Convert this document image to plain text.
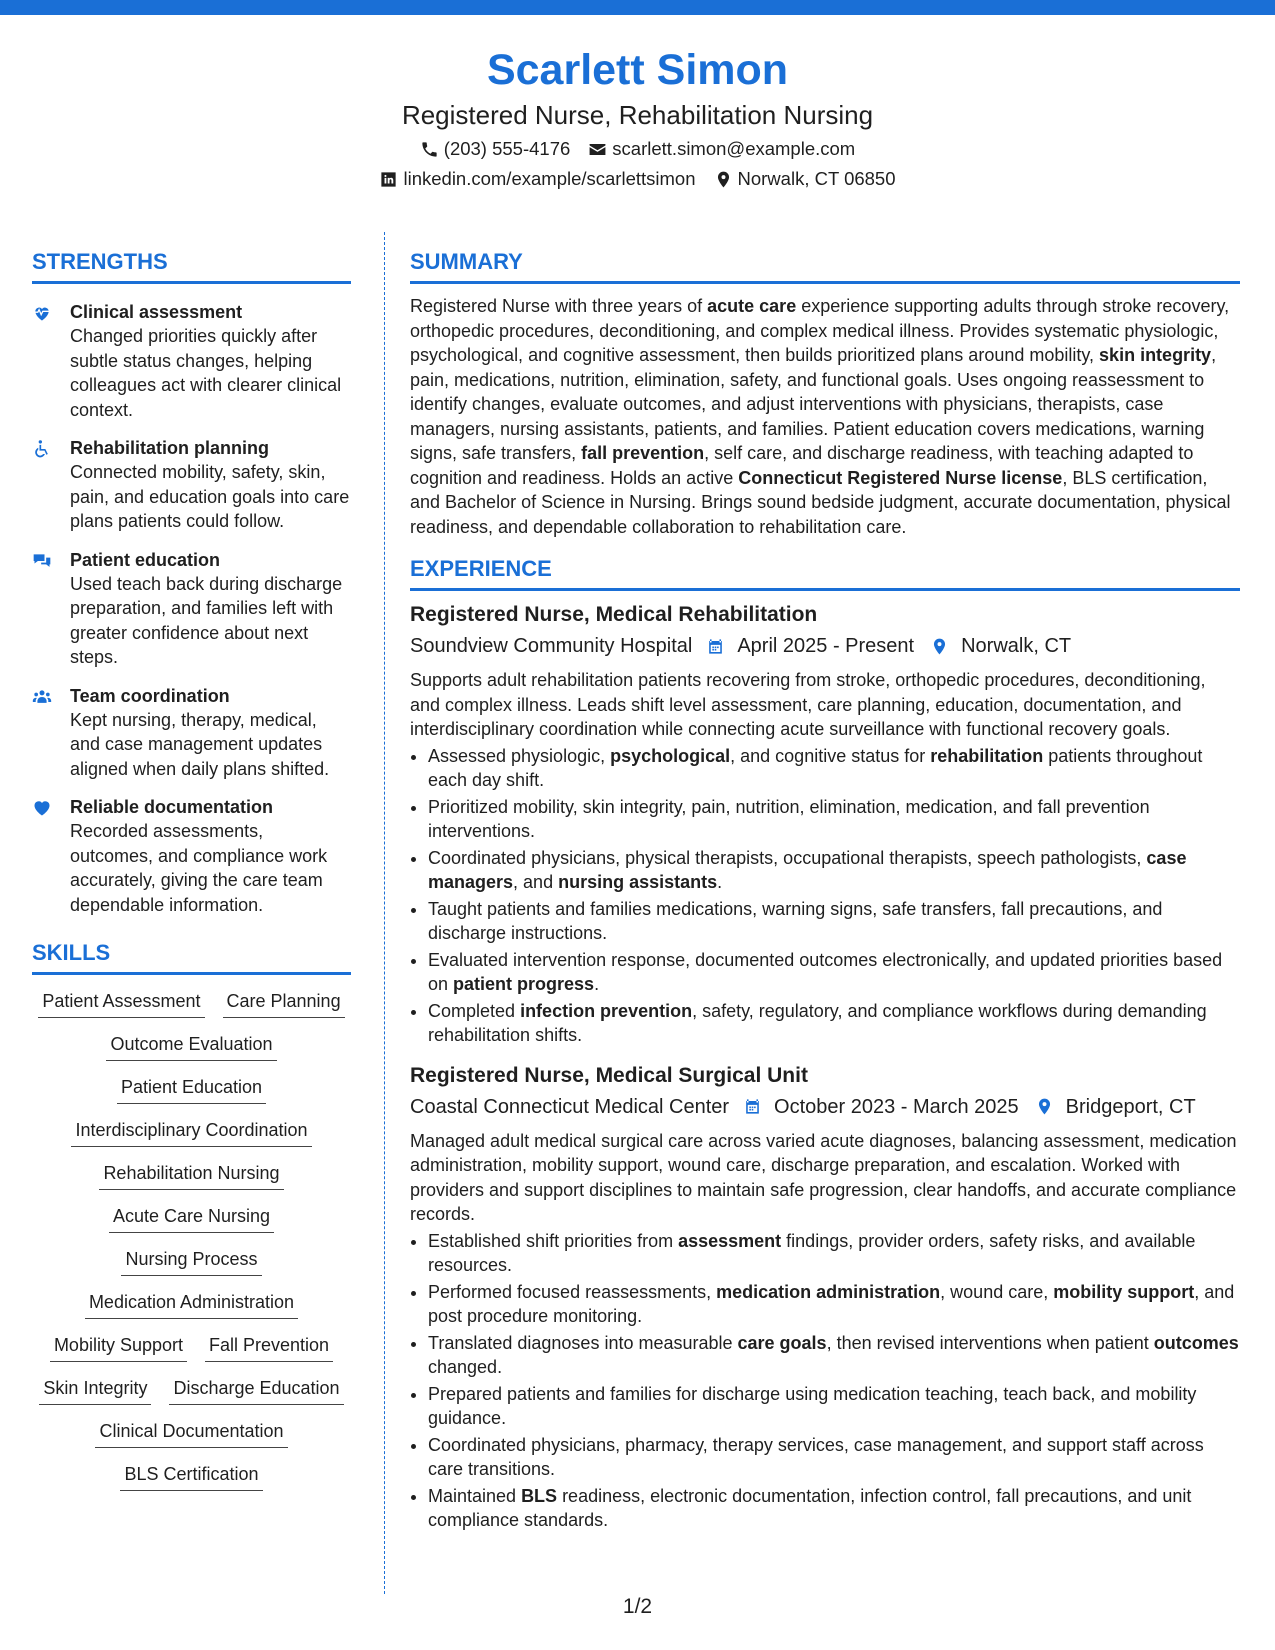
Scarlett Simon
Registered Nurse, Rehabilitation Nursing
(203) 555-4176 scarlett.simon@example.com
linkedin.com/example/scarlettsimon Norwalk, CT 06850
STRENGTHS
Clinical assessment
Changed priorities quickly after subtle status changes, helping colleagues act with clearer clinical context.
Rehabilitation planning
Connected mobility, safety, skin, pain, and education goals into care plans patients could follow.
Patient education
Used teach back during discharge preparation, and families left with greater confidence about next steps.
Team coordination
Kept nursing, therapy, medical, and case management updates aligned when daily plans shifted.
Reliable documentation
Recorded assessments, outcomes, and compliance work accurately, giving the care team dependable information.
SKILLS
Patient Assessment Care Planning
Outcome Evaluation
Patient Education
Interdisciplinary Coordination
Rehabilitation Nursing
Acute Care Nursing
Nursing Process
Medication Administration
Mobility Support Fall Prevention
Skin Integrity Discharge Education
Clinical Documentation
BLS Certification
SUMMARY
Registered Nurse with three years of acute care experience supporting adults through stroke recovery, orthopedic procedures, deconditioning, and complex medical illness. Provides systematic physiologic, psychological, and cognitive assessment, then builds prioritized plans around mobility, skin integrity, pain, medications, nutrition, elimination, safety, and functional goals. Uses ongoing reassessment to identify changes, evaluate outcomes, and adjust interventions with physicians, therapists, case managers, nursing assistants, patients, and families. Patient education covers medications, warning signs, safe transfers, fall prevention, self care, and discharge readiness, with teaching adapted to cognition and readiness. Holds an active Connecticut Registered Nurse license, BLS certification, and Bachelor of Science in Nursing. Brings sound bedside judgment, accurate documentation, physical readiness, and dependable collaboration to rehabilitation care.
EXPERIENCE
Registered Nurse, Medical Rehabilitation
Soundview Community Hospital April 2025 - Present Norwalk, CT
Supports adult rehabilitation patients recovering from stroke, orthopedic procedures, deconditioning, and complex illness. Leads shift level assessment, care planning, education, documentation, and interdisciplinary coordination while connecting acute surveillance with functional recovery goals.
• Assessed physiologic, psychological, and cognitive status for rehabilitation patients throughout each day shift.
• Prioritized mobility, skin integrity, pain, nutrition, elimination, medication, and fall prevention interventions.
• Coordinated physicians, physical therapists, occupational therapists, speech pathologists, case managers, and nursing assistants.
• Taught patients and families medications, warning signs, safe transfers, fall precautions, and discharge instructions.
• Evaluated intervention response, documented outcomes electronically, and updated priorities based on patient progress.
• Completed infection prevention, safety, regulatory, and compliance workflows during demanding rehabilitation shifts.
Registered Nurse, Medical Surgical Unit
Coastal Connecticut Medical Center October 2023 - March 2025 Bridgeport, CT
Managed adult medical surgical care across varied acute diagnoses, balancing assessment, medication administration, mobility support, wound care, discharge preparation, and escalation. Worked with providers and support disciplines to maintain safe progression, clear handoffs, and accurate compliance records.
• Established shift priorities from assessment findings, provider orders, safety risks, and available resources.
• Performed focused reassessments, medication administration, wound care, mobility support, and post procedure monitoring.
• Translated diagnoses into measurable care goals, then revised interventions when patient outcomes changed.
• Prepared patients and families for discharge using medication teaching, teach back, and mobility guidance.
• Coordinated physicians, pharmacy, therapy services, case management, and support staff across care transitions.
• Maintained BLS readiness, electronic documentation, infection control, fall precautions, and unit compliance standards.
1/2
